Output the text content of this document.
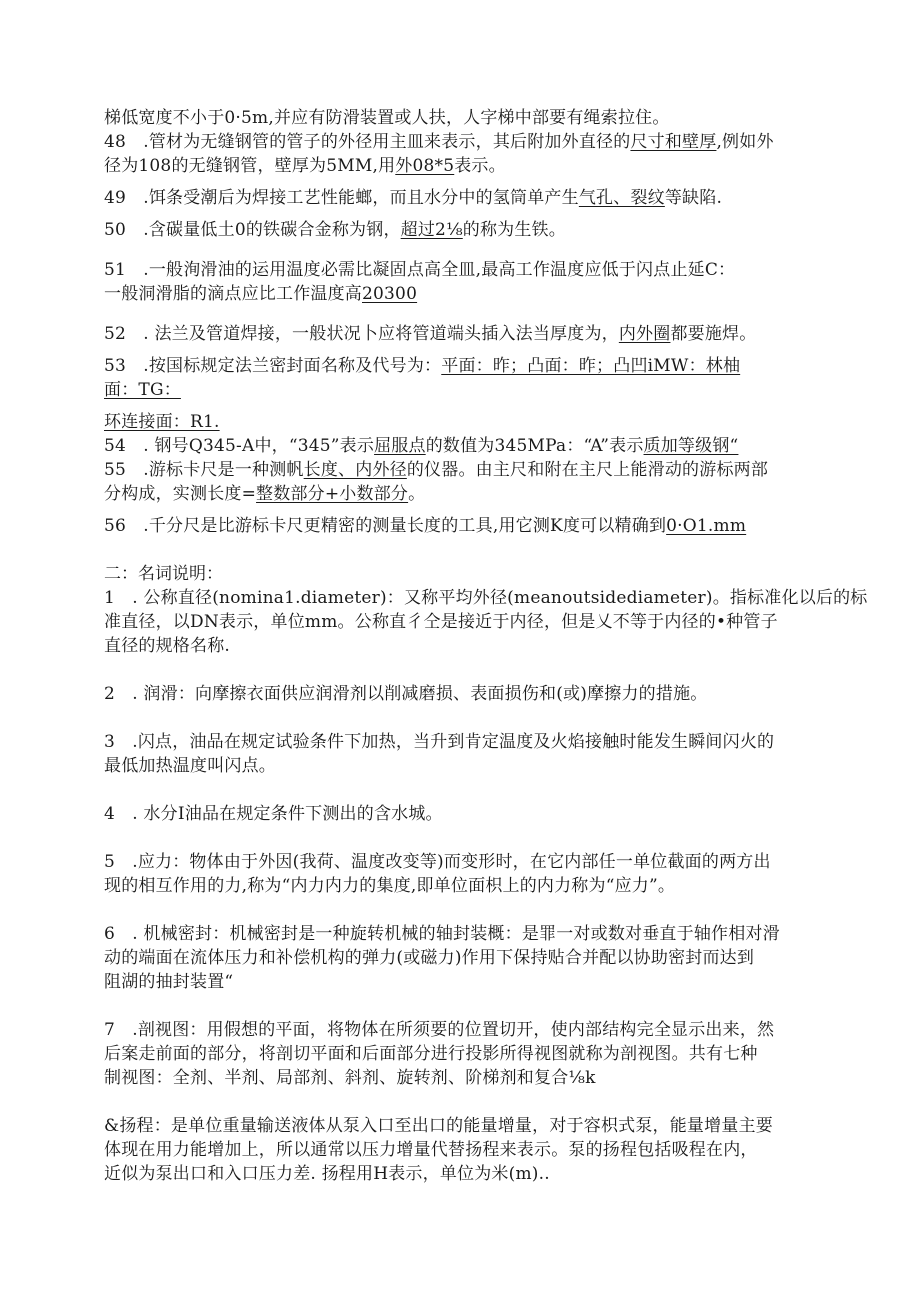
梯低宽度不小于0·5m,并应有防滑装置或人扶，人字梯中部要有绳索拉住。
48　.管材为无缝钢管的管子的外径用主皿来表示，其后附加外直径的尺寸和壁厚,例如外
径为108的无缝钢管，壁厚为5MM,用外08*5表示。
49　.饵条受潮后为焊接工艺性能螂，而且水分中的氢筒单产生气孔、裂纹等缺陷.
50　.含碳量低土0的铁碳合金称为钢，超过2⅛的称为生铁。
51　.一般洵滑油的运用温度必需比凝固点高全皿,最高工作温度应低于闪点止延C：
一般洞滑脂的滴点应比工作温度高20300
52　. 法兰及管道焊接，一般状况卜应将管道端头插入法当厚度为，内外圈都要施焊。
53　.按国标规定法兰密封面名称及代号为：平面：昨；凸面：昨；凸凹iMW：林柚
面：TG：
环连接面：R1.
54　. 钢号Q345-A中，“345”表示屈服点的数值为345MPa：“A”表示质加等级钢“
55　.游标卡尺是一种测帆长度、内外径的仪器。由主尺和附在主尺上能滑动的游标两部
分构成，实测长度=整数部分+小数部分。
56　.千分尺是比游标卡尺更精密的测量长度的工具,用它测K度可以精确到0·O1.mm
二：名词说明：
1　. 公称直径(nomina1.diameter)：又称平均外径(meanoutsidediameter)。指标准化以后的标
准直径，以DN表示，单位mm。公称直彳仝是接近于内径，但是乂不等于内径的•种管子
直径的规格名称.
2　. 润滑：向摩擦衣面供应润滑剂以削减磨损、表面损伤和(或)摩擦力的措施。
3　.闪点，油品在规定试验条件下加热，当升到肯定温度及火焰接触时能发生瞬间闪火的
最低加热温度叫闪点。
4　. 水分I油品在规定条件下测出的含水城。
5　.应力：物体由于外因(我荷、温度改变等)而变形时，在它内部任一单位截面的两方出
现的相互作用的力,称为“内力内力的集度,即单位面枳上的内力称为“应力”。
6　. 机械密封：机械密封是一种旋转机械的轴封装概：是罪一对或数对垂直于轴作相对滑
动的端面在流体压力和补偿机构的弹力(或磁力)作用下保持贴合并配以协助密封而达到
阻湖的抽封装置“
7　.剖视图：用假想的平面，将物体在所须要的位置切开，使内部结构完全显示出来，然
后案走前面的部分，将剖切平面和后面部分进行投影所得视图就称为剖视图。共有七种
制视图：全剂、半剂、局部剂、斜剂、旋转剂、阶梯剂和复合⅛k
&扬程：是单位重量输送液体从泵入口至出口的能量增量，对于容枳式泵，能量增量主要
体现在用力能增加上，所以通常以压力增量代替扬程来表示。泵的扬程包括吸程在内，
近似为泵出口和入口压力差. 扬程用H表示，单位为米(m)..
